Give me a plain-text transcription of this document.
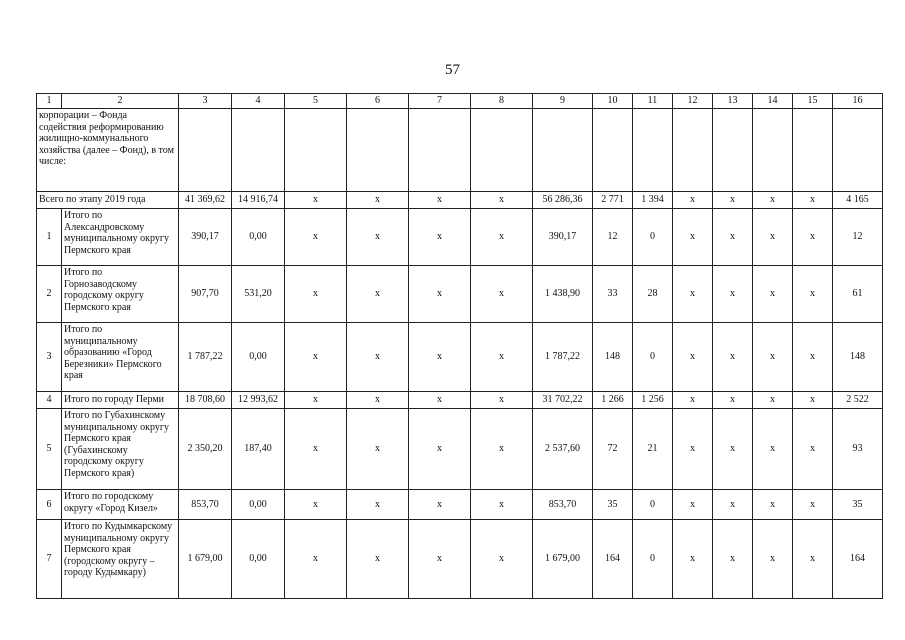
57
1	2	3	4	5	6	7	8	9	10	11	12	13	14	15	16
корпорации – Фонда содействия реформированию жилищно-коммунального хозяйства (далее – Фонд), в том числе:															
Всего по этапу 2019 года		41 369,62	14 916,74	x	x	x	x	56 286,36	2 771	1 394	x	x	x	x	4 165
1	Итого по Александровскому муниципальному округу Пермского края	390,17	0,00	x	x	x	x	390,17	12	0	x	x	x	x	12
2	Итого по Горнозаводскому городскому округу Пермского края	907,70	531,20	x	x	x	x	1 438,90	33	28	x	x	x	x	61
3	Итого по муниципальному образованию «Город Березники» Пермского края	1 787,22	0,00	x	x	x	x	1 787,22	148	0	x	x	x	x	148
4	Итого по городу Перми	18 708,60	12 993,62	x	x	x	x	31 702,22	1 266	1 256	x	x	x	x	2 522
5	Итого по Губахинскому муниципальному округу Пермского края (Губахинскому городскому округу Пермского края)	2 350,20	187,40	x	x	x	x	2 537,60	72	21	x	x	x	x	93
6	Итого по городскому округу «Город Кизел»	853,70	0,00	x	x	x	x	853,70	35	0	x	x	x	x	35
7	Итого по Кудымкарскому муниципальному округу Пермского края (городскому округу – городу Кудымкару)	1 679,00	0,00	x	x	x	x	1 679,00	164	0	x	x	x	x	164
